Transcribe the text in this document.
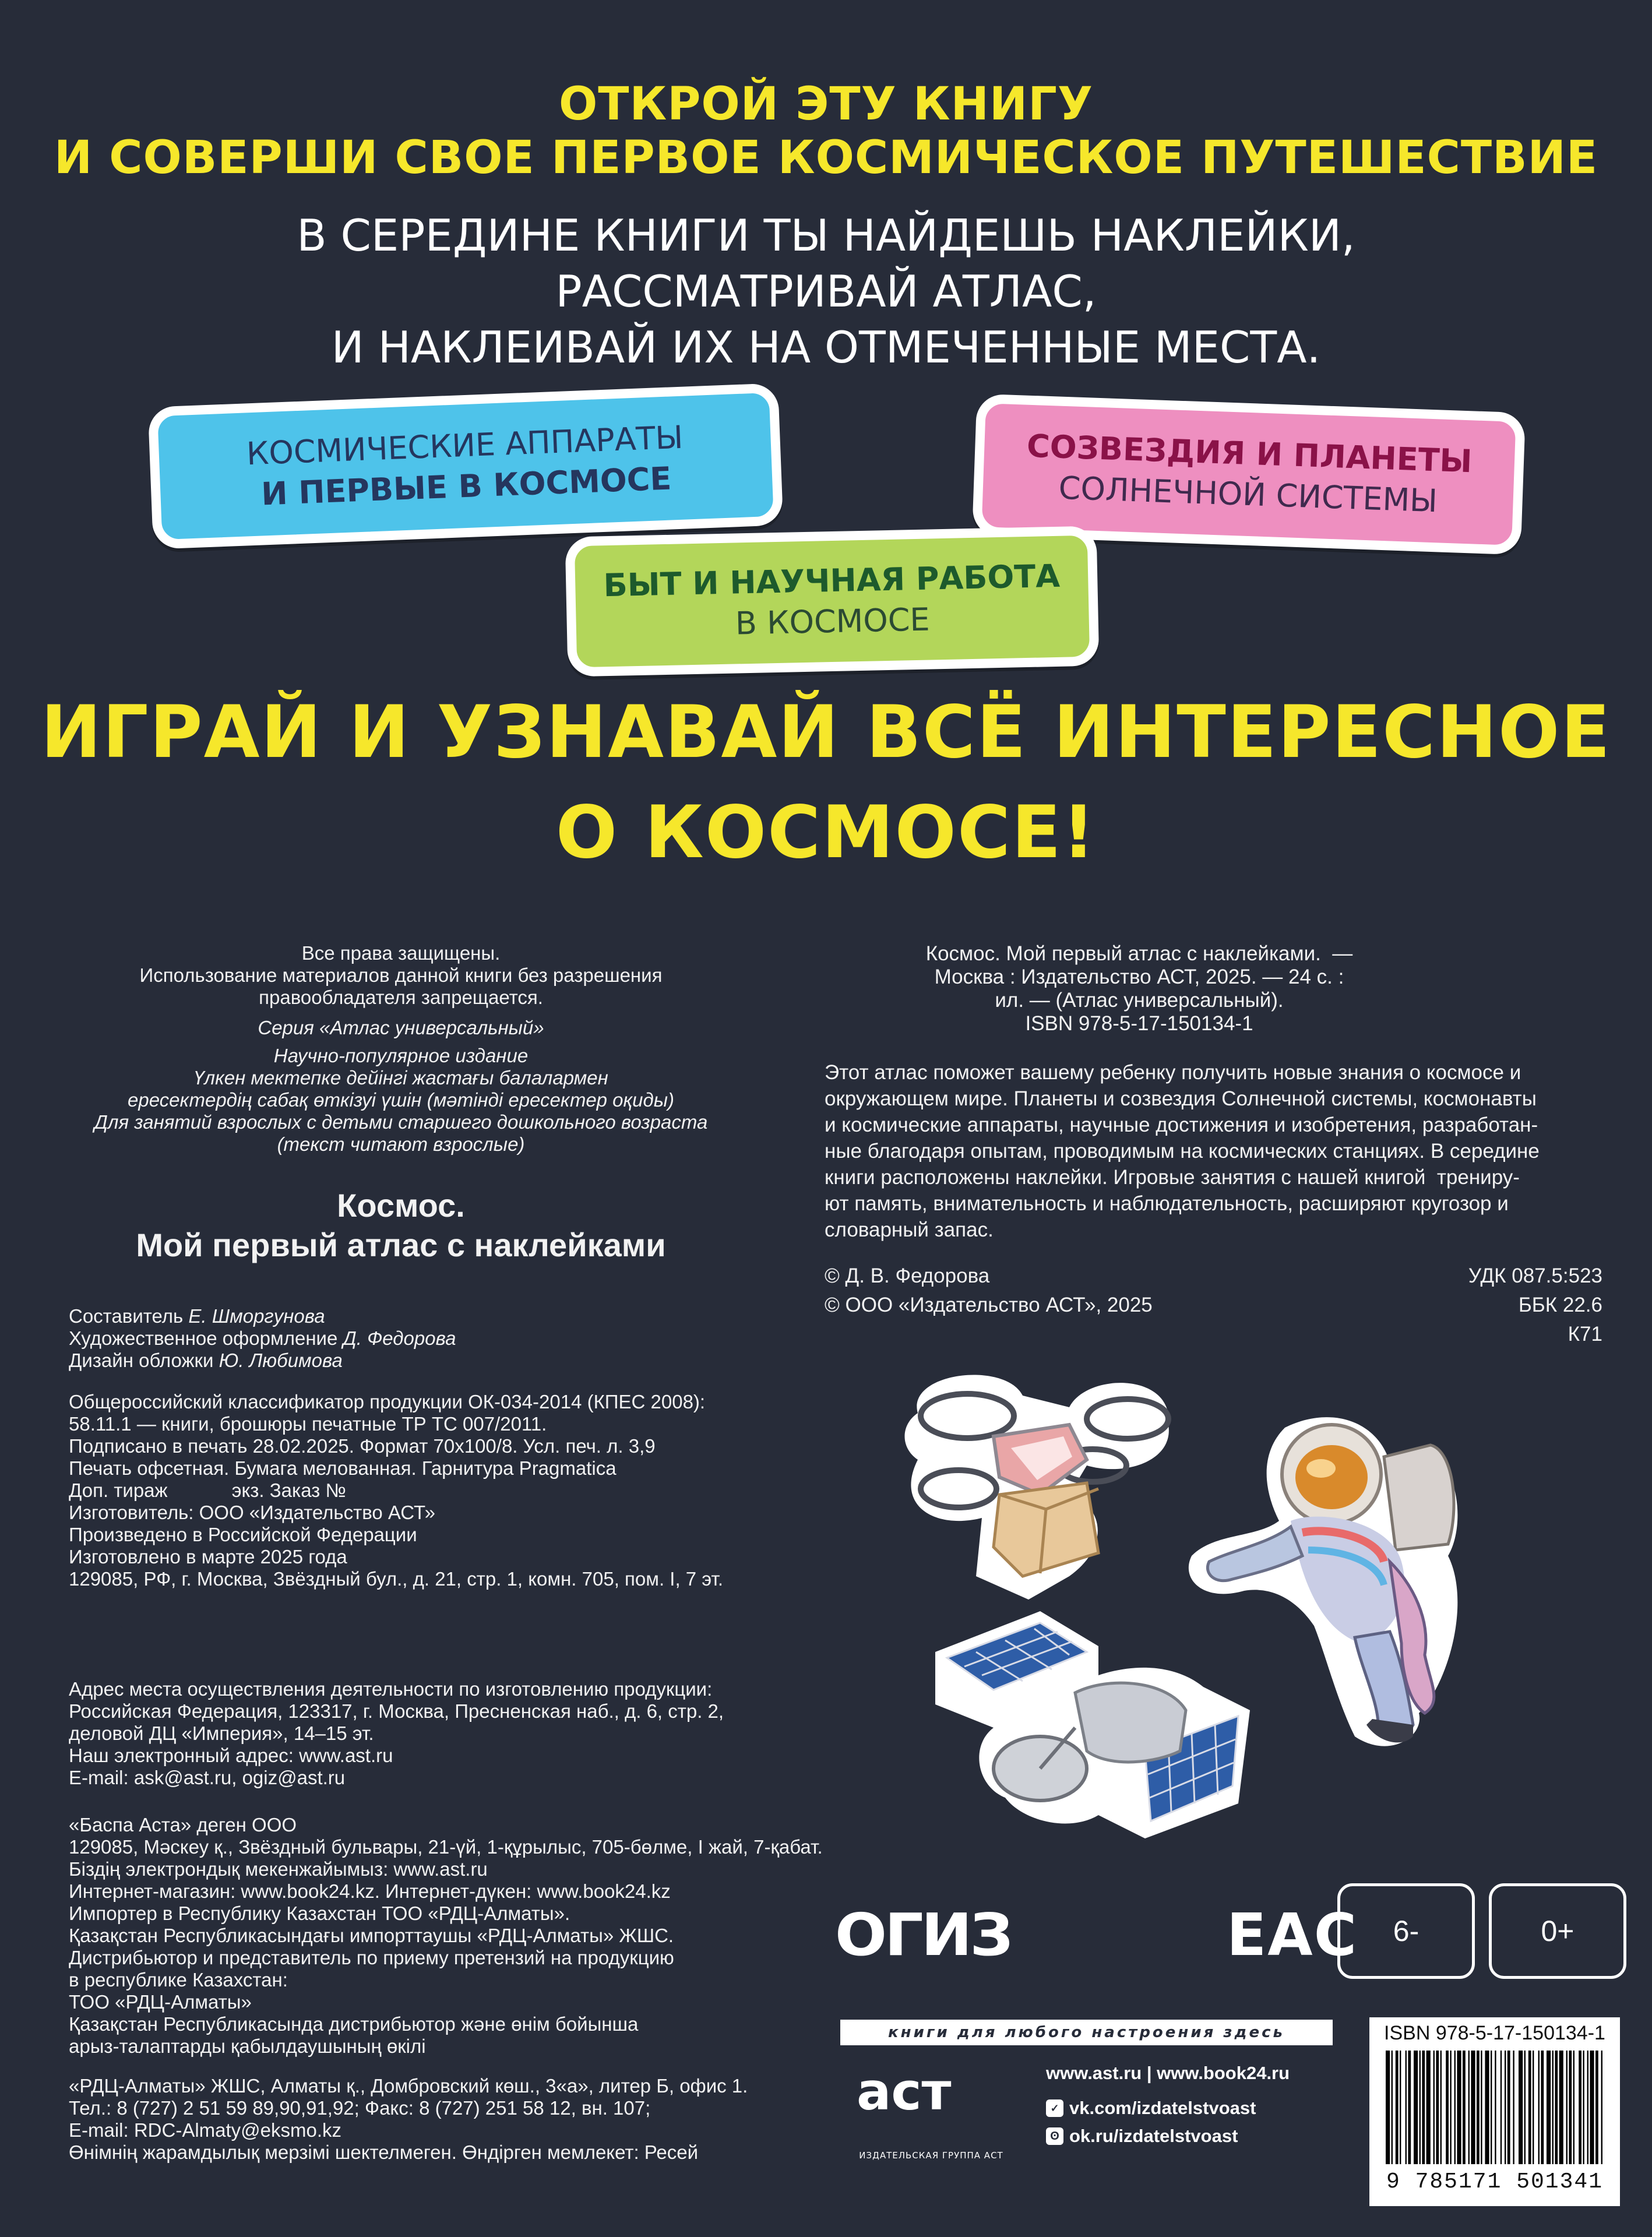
ОТКРОЙ ЭТУ КНИГУ
И СОВЕРШИ СВОЕ ПЕРВОЕ КОСМИЧЕСКОЕ ПУТЕШЕСТВИЕ
В СЕРЕДИНЕ КНИГИ ТЫ НАЙДЕШЬ НАКЛЕЙКИ,
РАССМАТРИВАЙ АТЛАС,
И НАКЛЕИВАЙ ИХ НА ОТМЕЧЕННЫЕ МЕСТА.
КОСМИЧЕСКИЕ АППАРАТЫ
И ПЕРВЫЕ В КОСМОСЕ
СОЗВЕЗДИЯ И ПЛАНЕТЫ
СОЛНЕЧНОЙ СИСТЕМЫ
БЫТ И НАУЧНАЯ РАБОТА
В КОСМОСЕ
ИГРАЙ И УЗНАВАЙ ВСЁ ИНТЕРЕСНОЕ
О КОСМОСЕ!
Все права защищены.
Использование материалов данной книги без разрешения
правообладателя запрещается.
Серия «Атлас универсальный»
Научно-популярное издание
Үлкен мектепке дейінгі жастағы балалармен
ересектердің сабақ өткізуі үшін (мәтінді ересектер оқиды)
Для занятий взрослых с детьми старшего дошкольного возраста
(текст читают взрослые)
Космос.
Мой первый атлас с наклейками
Составитель Е. Шморгунова
Художественное оформление Д. Федорова
Дизайн обложки Ю. Любимова
Общероссийский классификатор продукции ОК-034-2014 (КПЕС 2008):
58.11.1 — книги, брошюры печатные ТР ТС 007/2011.
Подписано в печать 28.02.2025. Формат 70х100/8. Усл. печ. л. 3,9
Печать офсетная. Бумага мелованная. Гарнитура Pragmatica
Доп. тираж            экз. Заказ №
Изготовитель: ООО «Издательство АСТ»
Произведено в Российской Федерации
Изготовлено в марте 2025 года
129085, РФ, г. Москва, Звёздный бул., д. 21, стр. 1, комн. 705, пом. I, 7 эт.
Адрес места осуществления деятельности по изготовлению продукции:
Российская Федерация, 123317, г. Москва, Пресненская наб., д. 6, стр. 2,
деловой ДЦ «Империя», 14–15 эт.
Наш электронный адрес: www.ast.ru
E-mail: ask@ast.ru, ogiz@ast.ru
«Баспа Аста» деген ООО
129085, Мәскеу қ., Звёздный бульвары, 21-үй, 1-құрылыс, 705-бөлме, I жай, 7-қабат.
Біздің электрондық мекенжайымыз: www.ast.ru
Интернет-магазин: www.book24.kz. Интернет-дүкен: www.book24.kz
Импортер в Республику Казахстан ТОО «РДЦ-Алматы».
Қазақстан Республикасындағы импорттаушы «РДЦ-Алматы» ЖШС.
Дистрибьютор и представитель по приему претензий на продукцию
в республике Казахстан:
ТОО «РДЦ-Алматы»
Қазақстан Республикасында дистрибьютор және өнім бойынша
арыз-талаптарды қабылдаушының өкілі
«РДЦ-Алматы» ЖШС, Алматы қ., Домбровский көш., 3«а», литер Б, офис 1.
Тел.: 8 (727) 2 51 59 89,90,91,92; Факс: 8 (727) 251 58 12, вн. 107;
E-mail: RDC-Almaty@eksmo.kz
Өнімнің жарамдылық мерзімі шектелмеген. Өндірген мемлекет: Ресей
Космос. Мой первый атлас с наклейками.  —
Москва : Издательство АСТ, 2025. — 24 с. :
ил. — (Атлас универсальный).
ISBN 978-5-17-150134-1
Этот атлас поможет вашему ребенку получить новые знания о космосе и
окружающем мире. Планеты и созвездия Солнечной системы, космонавты
и космические аппараты, научные достижения и изобретения, разработан-
ные благодаря опытам, проводимым на космических станциях. В середине
книги расположены наклейки. Игровые занятия с нашей книгой  трениру-
ют память, внимательность и наблюдательность, расширяют кругозор и
словарный запас.
© Д. В. Федорова
© ООО «Издательство АСТ», 2025
УДК 087.5:523
ББК 22.6
К71
6-	0+
ОГИЗ	ЕАС
книги для любого настроения здесь
аст
ИЗДАТЕЛЬСКАЯ ГРУППА АСТ
www.ast.ru | www.book24.ru
✓ vk.com/izdatelstvoast
ʘ ok.ru/izdatelstvoast
ISBN 978-5-17-150134-1
9 785171 501341
